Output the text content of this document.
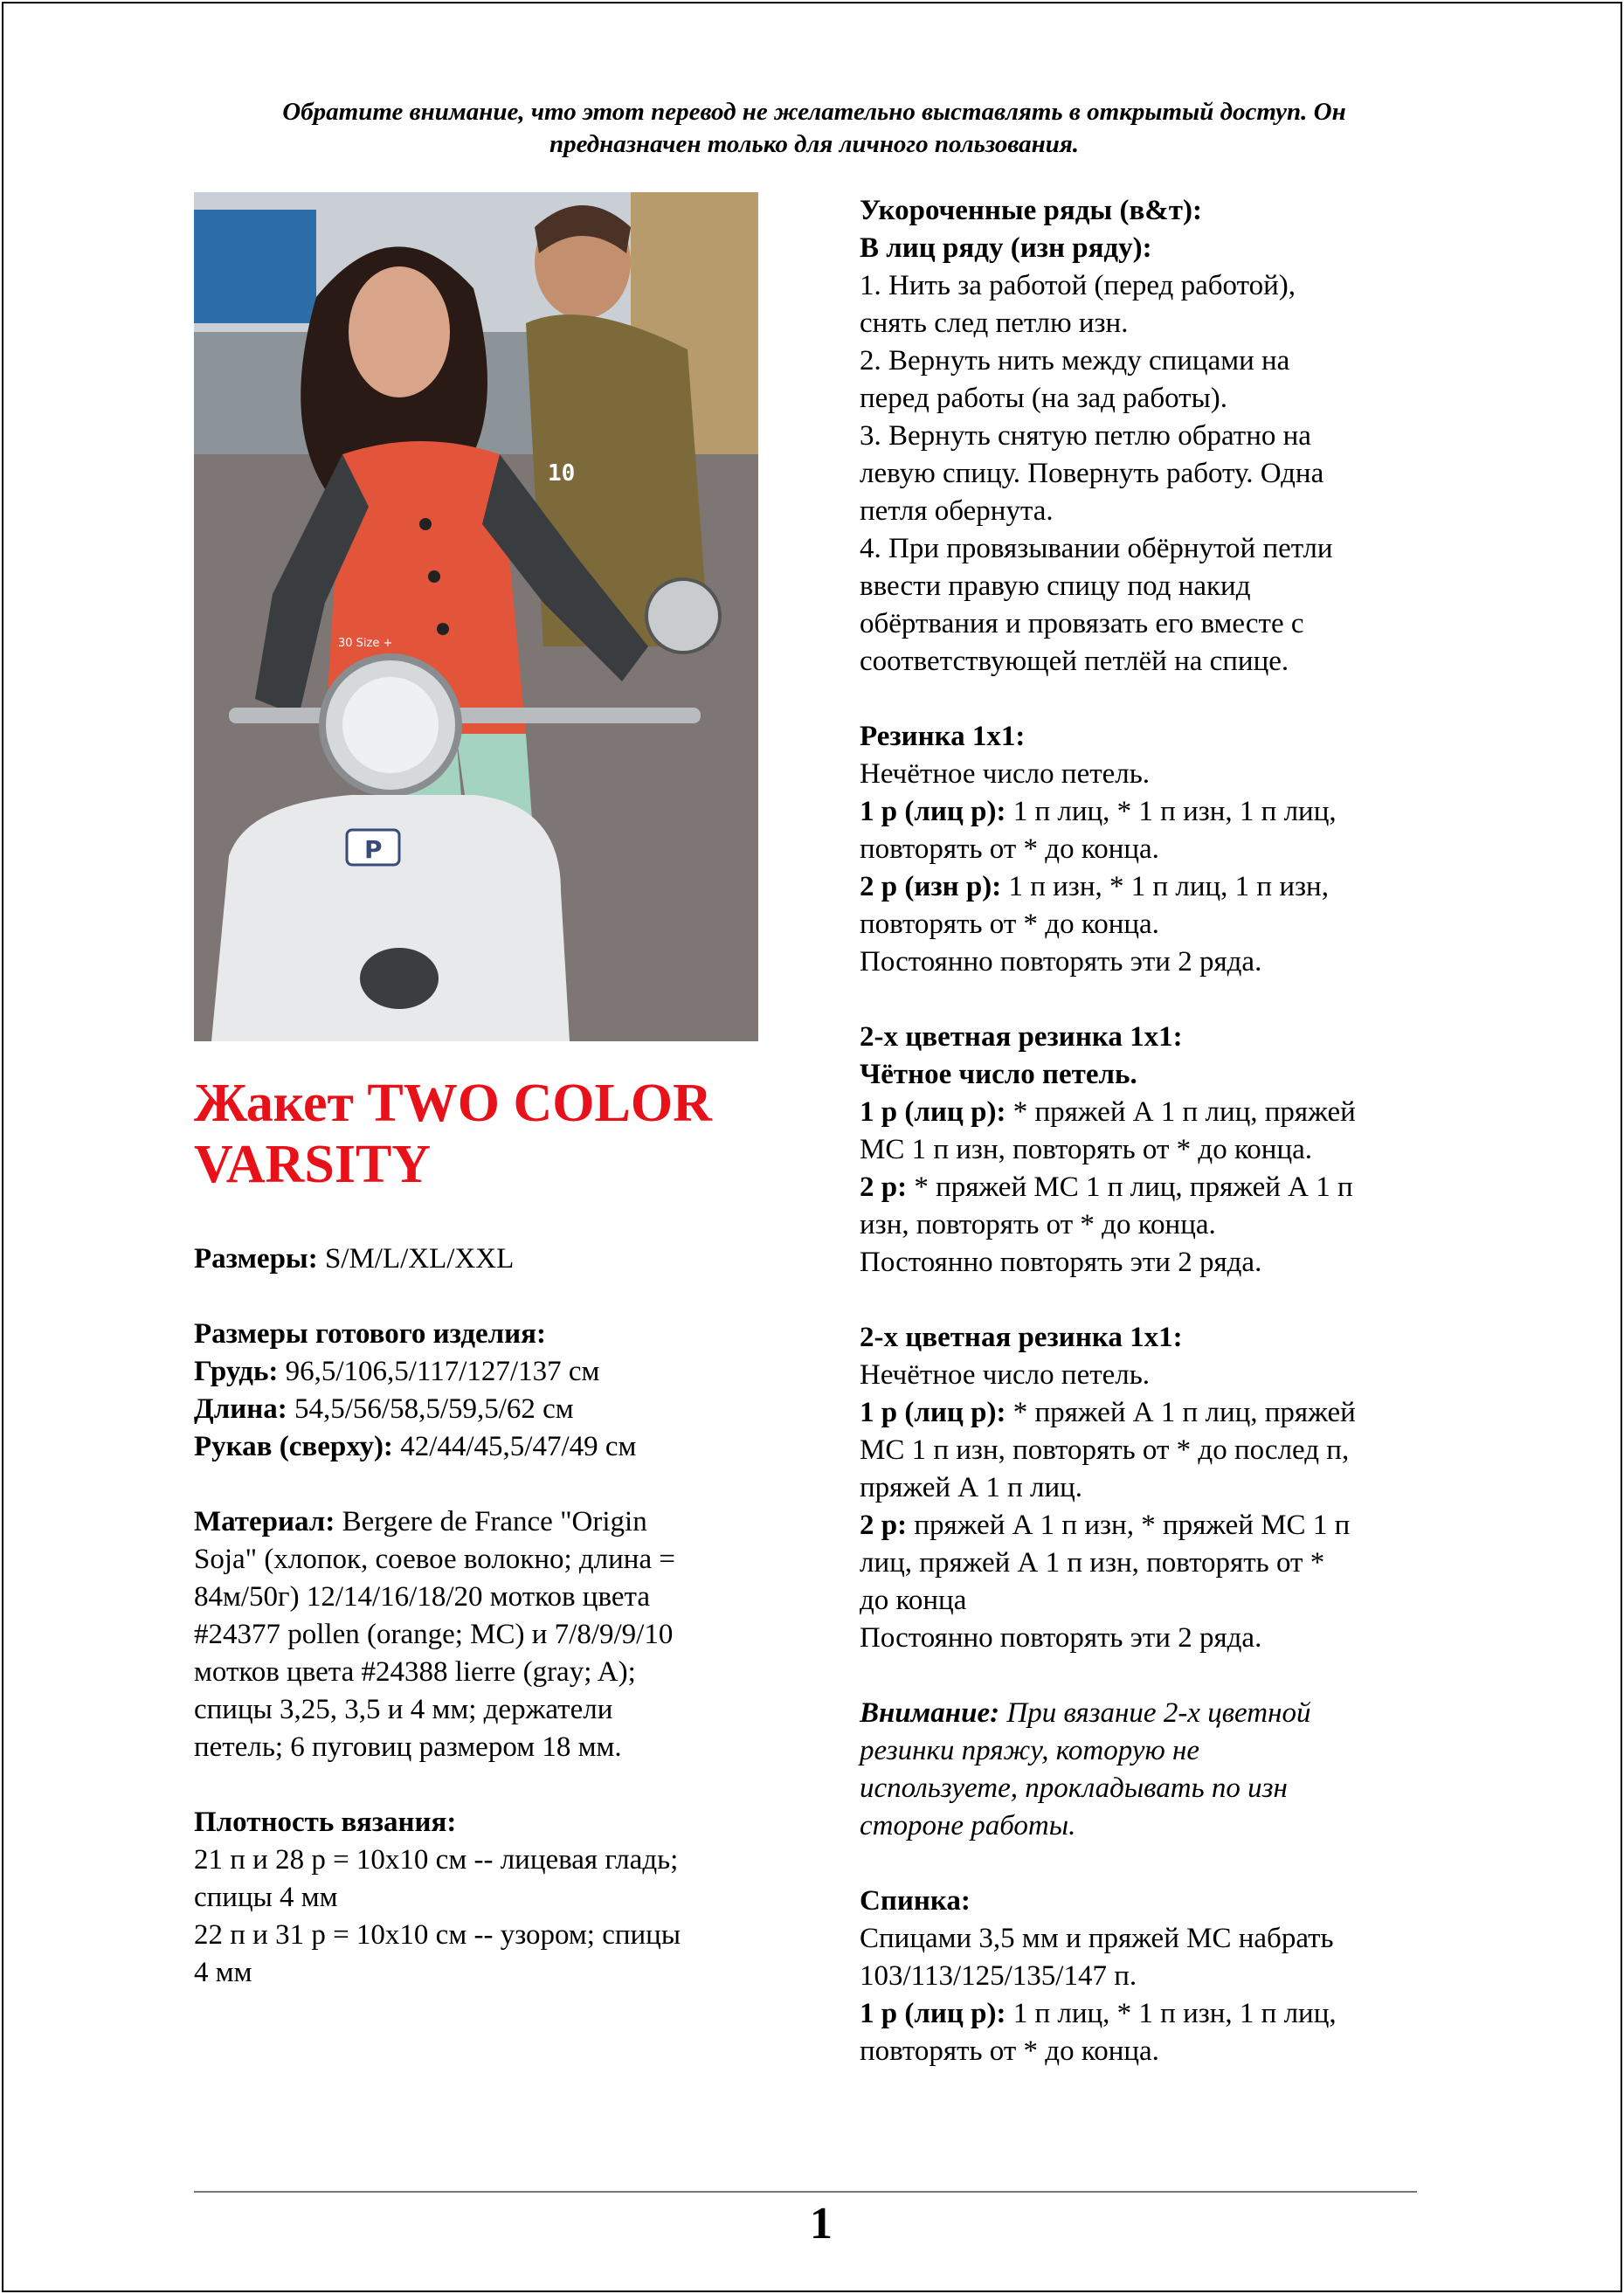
Обратите внимание, что этот перевод не желательно выставлять в открытый доступ. Он
предназначен только для личного пользования.
10
30 Size +
P
Жакет TWO COLOR
VARSITY
Размеры: S/M/L/XL/XXL
Размеры готового изделия:
Грудь: 96,5/106,5/117/127/137 см
Длина: 54,5/56/58,5/59,5/62 см
Рукав (сверху): 42/44/45,5/47/49 см
Материал: Bergere de France "Origin
Soja" (хлопок, соевое волокно; длина =
84м/50г) 12/14/16/18/20 мотков цвета
#24377 pollen (orange; MC) и 7/8/9/9/10
мотков цвета #24388 lierre (gray; A);
спицы 3,25, 3,5 и 4 мм; держатели
петель; 6 пуговиц размером 18 мм.
Плотность вязания:
21 п и 28 р = 10х10 см -- лицевая гладь;
спицы 4 мм
22 п и 31 р = 10х10 см -- узором; спицы
4 мм
Укороченные ряды (в&т):
В лиц ряду (изн ряду):
1. Нить за работой (перед работой),
снять след петлю изн.
2. Вернуть нить между спицами на
перед работы (на зад работы).
3. Вернуть снятую петлю обратно на
левую спицу. Повернуть работу. Одна
петля обернута.
4. При провязывании обёрнутой петли
ввести правую спицу под накид
обёртвания и провязать его вместе с
соответствующей петлёй на спице.
Резинка 1х1:
Нечётное число петель.
1 р (лиц р): 1 п лиц, * 1 п изн, 1 п лиц,
повторять от * до конца.
2 р (изн р): 1 п изн, * 1 п лиц, 1 п изн,
повторять от * до конца.
Постоянно повторять эти 2 ряда.
2-х цветная резинка 1х1:
Чётное число петель.
1 р (лиц р): * пряжей А 1 п лиц, пряжей
МС 1 п изн, повторять от * до конца.
2 р: * пряжей МС 1 п лиц, пряжей А 1 п
изн, повторять от * до конца.
Постоянно повторять эти 2 ряда.
2-х цветная резинка 1х1:
Нечётное число петель.
1 р (лиц р): * пряжей А 1 п лиц, пряжей
МС 1 п изн, повторять от * до послед п,
пряжей А 1 п лиц.
2 р: пряжей А 1 п изн, * пряжей МС 1 п
лиц, пряжей А 1 п изн, повторять от *
до конца
Постоянно повторять эти 2 ряда.
Внимание: При вязание 2-х цветной
резинки пряжу, которую не
используете, прокладывать по изн
стороне работы.
Спинка:
Спицами 3,5 мм и пряжей МС набрать
103/113/125/135/147 п.
1 р (лиц р): 1 п лиц, * 1 п изн, 1 п лиц,
повторять от * до конца.
1
